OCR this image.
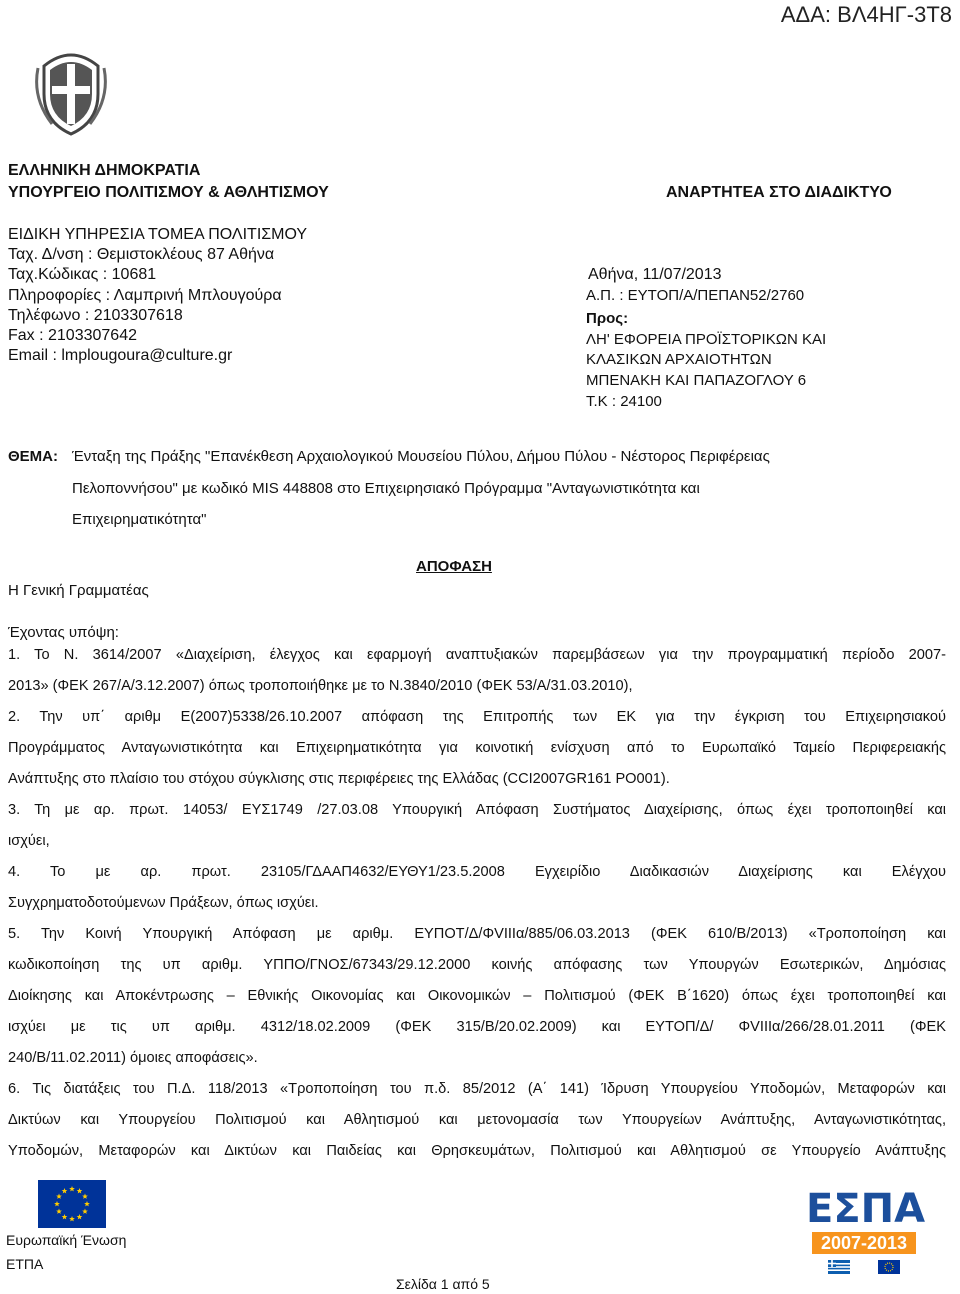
ΑΔΑ: ΒΛ4ΗΓ-3Τ8
ΕΛΛΗΝΙΚΗ ΔΗΜΟΚΡΑΤΙΑ
ΥΠΟΥΡΓΕΙΟ ΠΟΛΙΤΙΣΜΟΥ & ΑΘΛΗΤΙΣΜΟΥ	ΑΝΑΡΤΗΤΕΑ ΣΤΟ ΔΙΑΔΙΚΤΥΟ
ΕΙΔΙΚΗ ΥΠΗΡΕΣΙΑ ΤΟΜΕΑ ΠΟΛΙΤΙΣΜΟΥ
Ταχ. Δ/νση : Θεμιστοκλέους 87 Αθήνα
Ταχ.Κώδικας : 10681
Πληροφορίες : Λαμπρινή Μπλουγούρα
Τηλέφωνο : 2103307618
Fax : 2103307642
Email : lmplougoura@culture.gr
Αθήνα, 11/07/2013
Α.Π. : ΕΥΤΟΠ/Α/ΠΕΠΑΝ52/2760
Προς:
ΛΗ' ΕΦΟΡΕΙΑ ΠΡΟΪΣΤΟΡΙΚΩΝ ΚΑΙ
ΚΛΑΣΙΚΩΝ ΑΡΧΑΙΟΤΗΤΩΝ
ΜΠΕΝΑΚΗ ΚΑΙ ΠΑΠΑΖΟΓΛΟΥ 6
Τ.Κ : 24100
ΘΕΜΑ: Ένταξη της Πράξης "Επανέκθεση Αρχαιολογικού Μουσείου Πύλου, Δήμου Πύλου - Νέστορος Περιφέρειας
Πελοποννήσου" με κωδικό MIS 448808 στο Επιχειρησιακό Πρόγραμμα "Ανταγωνιστικότητα και
Επιχειρηματικότητα"
ΑΠΟΦΑΣΗ
Η Γενική Γραμματέας
Έχοντας υπόψη:
1. Το Ν. 3614/2007 «Διαχείριση, έλεγχος και εφαρμογή αναπτυξιακών παρεμβάσεων για την προγραμματική περίοδο 2007-
2013» (ΦΕΚ 267/Α/3.12.2007) όπως τροποποιήθηκε με το Ν.3840/2010 (ΦΕΚ 53/Α/31.03.2010),
2. Την υπ΄ αριθμ Ε(2007)5338/26.10.2007 απόφαση της Επιτροπής των ΕΚ για την έγκριση του Επιχειρησιακού
Προγράμματος Ανταγωνιστικότητα και Επιχειρηματικότητα για κοινοτική ενίσχυση από το Ευρωπαϊκό Ταμείο Περιφερειακής
Ανάπτυξης στο πλαίσιο του στόχου σύγκλισης στις περιφέρειες της Ελλάδας (CCI2007GR161 PO001).
3. Τη με αρ. πρωτ. 14053/ ΕΥΣ1749 /27.03.08 Υπουργική Απόφαση Συστήματος Διαχείρισης, όπως έχει τροποποιηθεί και
ισχύει,
4. Το με αρ. πρωτ. 23105/ΓΔΑΑΠ4632/ΕΥΘΥ1/23.5.2008 Εγχειρίδιο Διαδικασιών Διαχείρισης και Ελέγχου
Συγχρηματοδοτούμενων Πράξεων, όπως ισχύει.
5. Την Κοινή Υπουργική Απόφαση με αριθμ. ΕΥΠΟΤ/Δ/ΦVIIIα/885/06.03.2013 (ΦΕΚ 610/Β/2013) «Τροποποίηση και
κωδικοποίηση της υπ αριθμ. ΥΠΠΟ/ΓΝΟΣ/67343/29.12.2000 κοινής απόφασης των Υπουργών Εσωτερικών, Δημόσιας
Διοίκησης και Αποκέντρωσης – Εθνικής Οικονομίας και Οικονομικών – Πολιτισμού (ΦΕΚ Β΄1620) όπως έχει τροποποιηθεί και
ισχύει με τις υπ αριθμ. 4312/18.02.2009 (ΦΕΚ 315/Β/20.02.2009) και ΕΥΤΟΠ/Δ/ ΦVIIIα/266/28.01.2011 (ΦΕΚ
240/Β/11.02.2011) όμοιες αποφάσεις».
6. Τις διατάξεις του Π.Δ. 118/2013 «Τροποποίηση του π.δ. 85/2012 (Α΄ 141) Ίδρυση Υπουργείου Υποδομών, Μεταφορών και
Δικτύων και Υπουργείου Πολιτισμού και Αθλητισμού και μετονομασία των Υπουργείων Ανάπτυξης, Ανταγωνιστικότητας,
Υποδομών, Μεταφορών και Δικτύων και Παιδείας και Θρησκευμάτων, Πολιτισμού και Αθλητισμού σε Υπουργείο Ανάπτυξης
Ευρωπαϊκή Ένωση
ΕΤΠΑ
Σελίδα 1 από 5
ΕΣΠΑ
2007-2013
